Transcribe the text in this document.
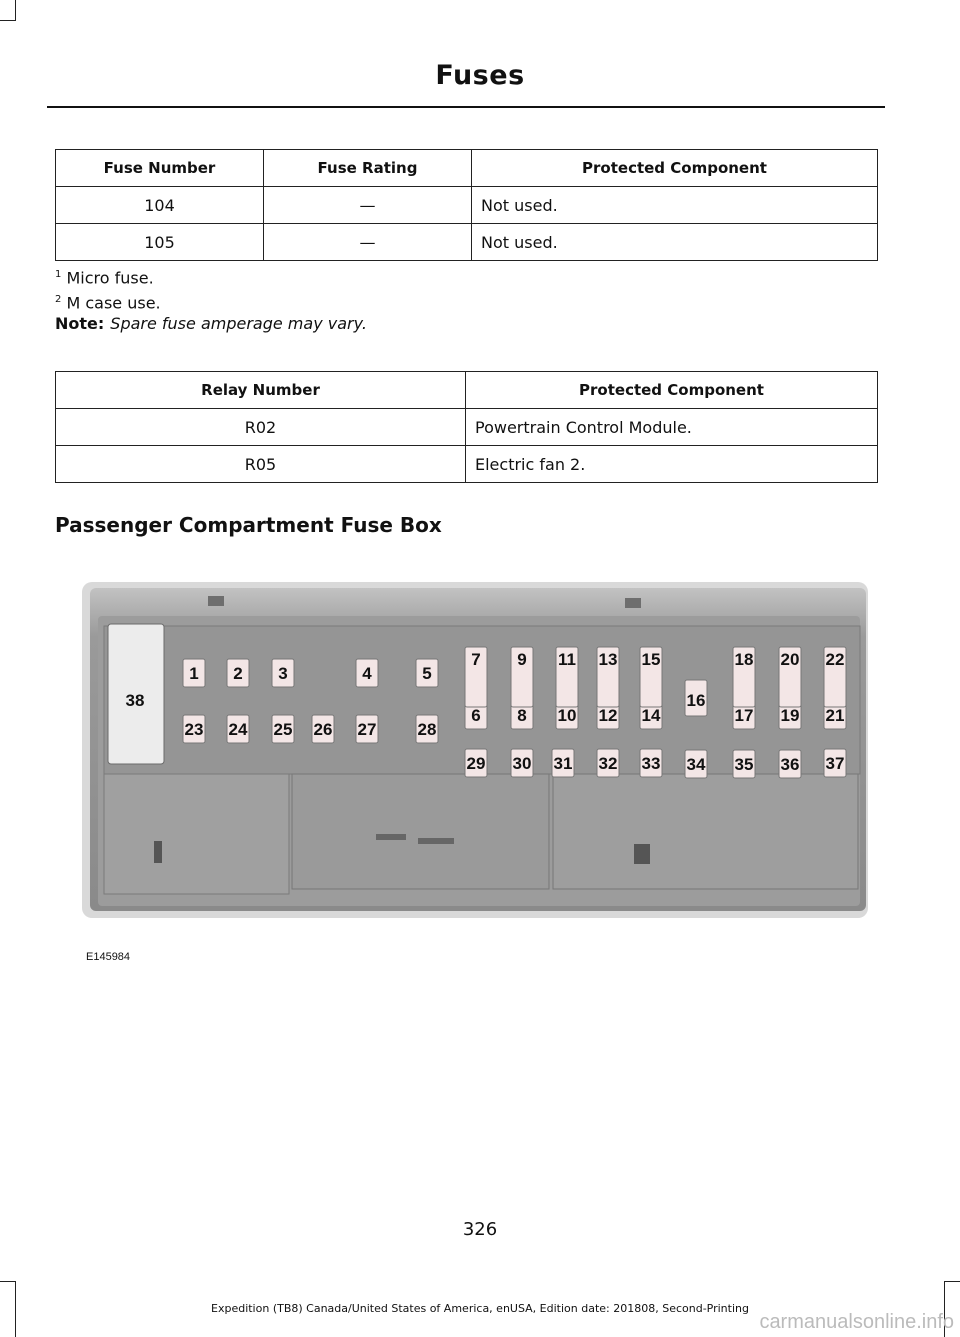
Fuses
Fuse Number	Fuse Rating	Protected Component
104	—	Not used.
105	—	Not used.
$^1$ Micro fuse.
$^2$ M case use.
Note: Spare fuse amperage may vary.
Relay Number	Protected Component
R02	Powertrain Control Module.
R05	Electric fan 2.
Passenger Compartment Fuse Box
1 2 3	4	5
6
7
8
9
10
11
12
13
14
15
16
17
18
19
20
21
22
23 24 25 26 27 28
29 30 31 32 33 34 35 36 37
38
E145984
326
Expedition (TB8) Canada/United States of America, enUSA, Edition date: 201808, Second-Printing
carmanualsonline.info
